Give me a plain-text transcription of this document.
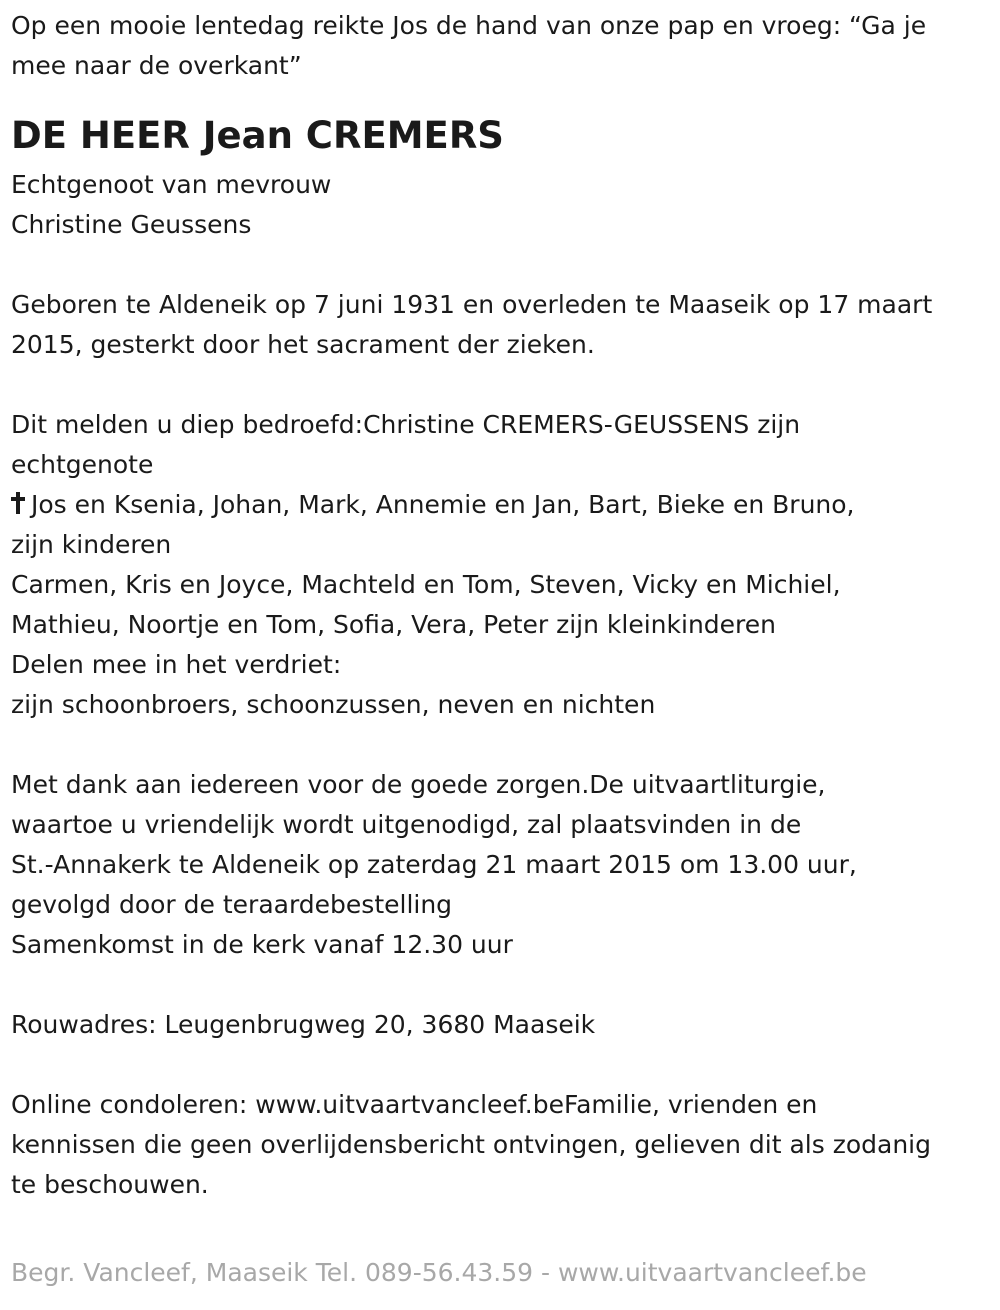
Op een mooie lentedag reikte Jos de hand van onze pap en vroeg: “Ga je

mee naar de overkant”

DE HEER Jean CREMERS

Echtgenoot van mevrouw

Christine Geussens

Geboren te Aldeneik op 7 juni 1931 en overleden te Maaseik op 17 maart

2015, gesterkt door het sacrament der zieken.

Dit melden u diep bedroefd:Christine CREMERS-GEUSSENS zijn

echtgenote

Jos en Ksenia, Johan, Mark, Annemie en Jan, Bart, Bieke en Bruno,

zijn kinderen

Carmen, Kris en Joyce, Machteld en Tom, Steven, Vicky en Michiel,

Mathieu, Noortje en Tom, Sofia, Vera, Peter zijn kleinkinderen

Delen mee in het verdriet:

zijn schoonbroers, schoonzussen, neven en nichten

Met dank aan iedereen voor de goede zorgen.De uitvaartliturgie,

waartoe u vriendelijk wordt uitgenodigd, zal plaatsvinden in de

St.-Annakerk te Aldeneik op zaterdag 21 maart 2015 om 13.00 uur,

gevolgd door de teraardebestelling

Samenkomst in de kerk vanaf 12.30 uur

Rouwadres: Leugenbrugweg 20, 3680 Maaseik

Online condoleren: www.uitvaartvancleef.beFamilie, vrienden en

kennissen die geen overlijdensbericht ontvingen, gelieven dit als zodanig

te beschouwen.

Begr. Vancleef, Maaseik Tel. 089-56.43.59 - www.uitvaartvancleef.be
